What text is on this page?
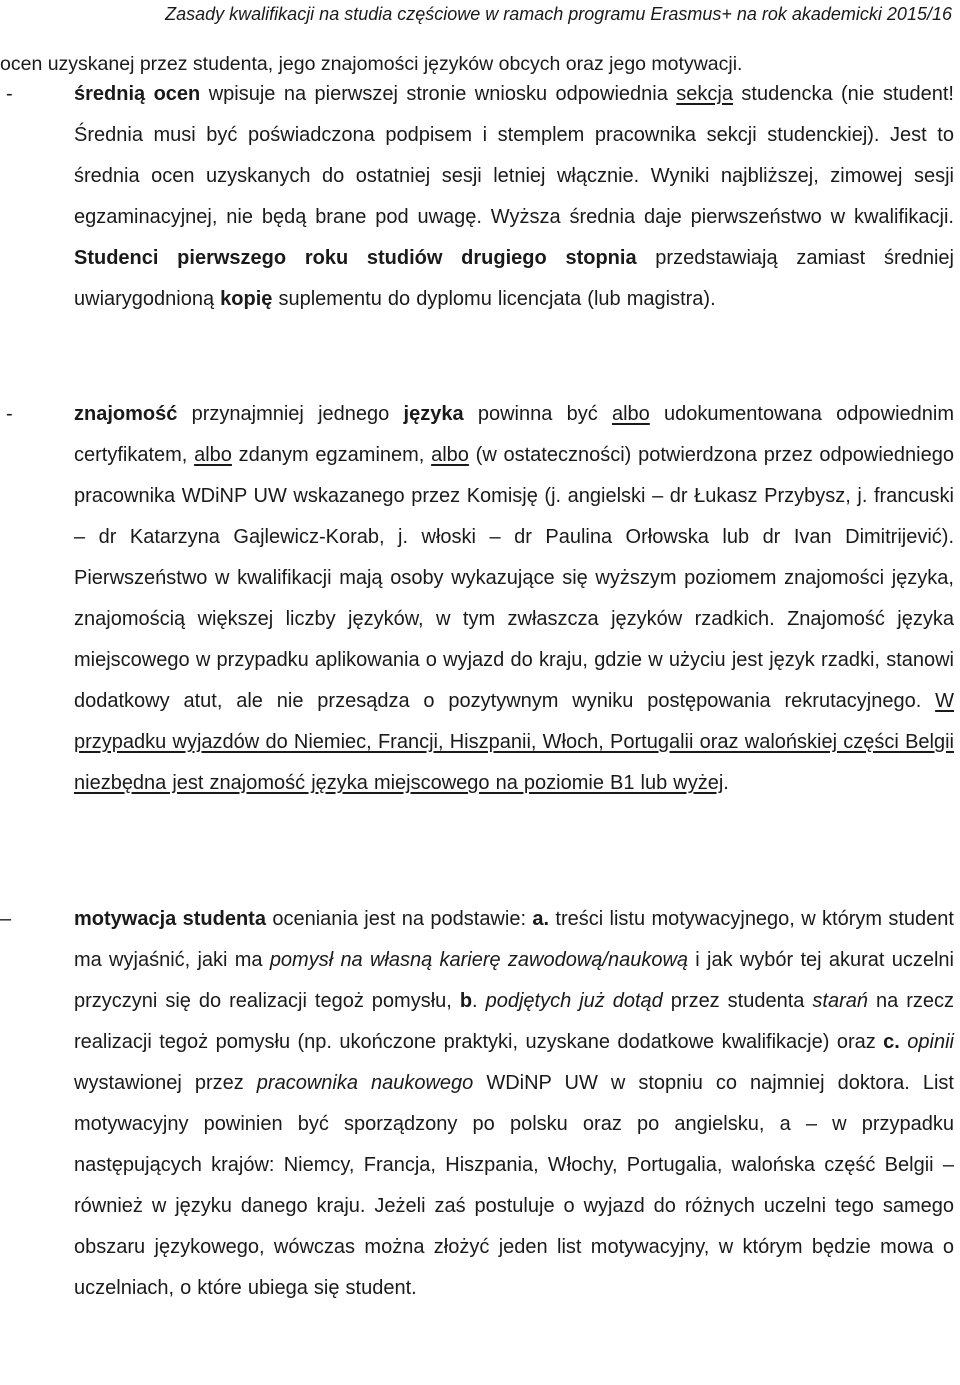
Zasady kwalifikacji na studia częściowe w ramach programu Erasmus+ na rok akademicki 2015/16
ocen uzyskanej przez studenta, jego znajomości języków obcych oraz jego motywacji.
-	średnią ocen wpisuje na pierwszej stronie wniosku odpowiednia sekcja studencka (nie student! Średnia musi być poświadczona podpisem i stemplem pracownika sekcji studenckiej). Jest to średnia ocen uzyskanych do ostatniej sesji letniej włącznie. Wyniki najbliższej, zimowej sesji egzaminacyjnej, nie będą brane pod uwagę. Wyższa średnia daje pierwszeństwo w kwalifikacji. Studenci pierwszego roku studiów drugiego stopnia przedstawiają zamiast średniej uwiarygodnioną kopię suplementu do dyplomu licencjata (lub magistra).
-	znajomość przynajmniej jednego języka powinna być albo udokumentowana odpowiednim certyfikatem, albo zdanym egzaminem, albo (w ostateczności) potwierdzona przez odpowiedniego pracownika WDiNP UW wskazanego przez Komisję (j. angielski – dr Łukasz Przybysz, j. francuski – dr Katarzyna Gajlewicz-Korab, j. włoski – dr Paulina Orłowska lub dr Ivan Dimitrijević). Pierwszeństwo w kwalifikacji mają osoby wykazujące się wyższym poziomem znajomości języka, znajomością większej liczby języków, w tym zwłaszcza języków rzadkich. Znajomość języka miejscowego w przypadku aplikowania o wyjazd do kraju, gdzie w użyciu jest język rzadki, stanowi dodatkowy atut, ale nie przesądza o pozytywnym wyniku postępowania rekrutacyjnego. W przypadku wyjazdów do Niemiec, Francji, Hiszpanii, Włoch, Portugalii oraz walońskiej części Belgii niezbędna jest znajomość języka miejscowego na poziomie B1 lub wyżej.
–	motywacja studenta oceniania jest na podstawie: a. treści listu motywacyjnego, w którym student ma wyjaśnić, jaki ma pomysł na własną karierę zawodową/naukową i jak wybór tej akurat uczelni przyczyni się do realizacji tegoż pomysłu, b. podjętych już dotąd przez studenta starań na rzecz realizacji tegoż pomysłu (np. ukończone praktyki, uzyskane dodatkowe kwalifikacje) oraz c. opinii wystawionej przez pracownika naukowego WDiNP UW w stopniu co najmniej doktora. List motywacyjny powinien być sporządzony po polsku oraz po angielsku, a – w przypadku następujących krajów: Niemcy, Francja, Hiszpania, Włochy, Portugalia, walońska część Belgii – również w języku danego kraju. Jeżeli zaś postuluje o wyjazd do różnych uczelni tego samego obszaru językowego, wówczas można złożyć jeden list motywacyjny, w którym będzie mowa o uczelniach, o które ubiega się student.
